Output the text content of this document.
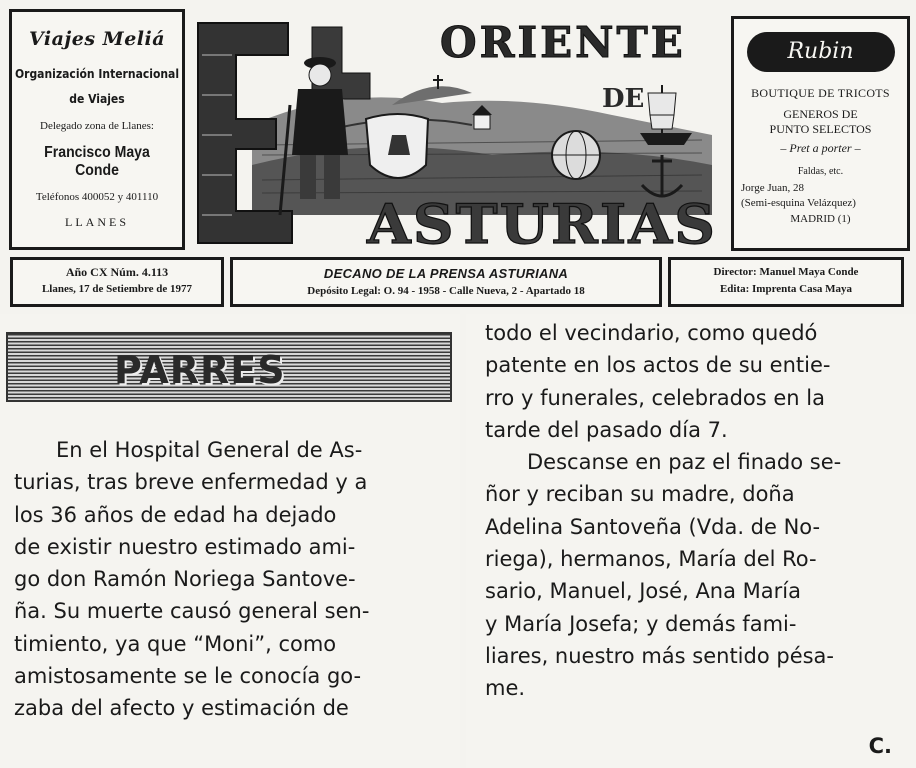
Viajes Meliá
Organización Internacional
de Viajes
Delegado zona de Llanes:
Francisco Maya Conde
Teléfonos 400052 y 401110
LLANES
ORIENTE
DE
ASTURIAS
Rubin
BOUTIQUE DE TRICOTS
GENEROS DE
PUNTO SELECTOS
– Pret a porter –
Faldas, etc.
Jorge Juan, 28
(Semi-esquina Velázquez)
MADRID (1)
Año CX Núm. 4.113
Llanes, 17 de Setiembre de 1977
DECANO DE LA PRENSA ASTURIANA
Depósito Legal: O. 94 - 1958 - Calle Nueva, 2 - Apartado 18
Director: Manuel Maya Conde
Edita: Imprenta Casa Maya
PARRES
En el Hospital General de As-
turias, tras breve enfermedad y a
los 36 años de edad ha dejado
de existir nuestro estimado ami-
go don Ramón Noriega Santove-
ña. Su muerte causó general sen-
timiento, ya que “Moni”, como
amistosamente se le conocía go-
zaba del afecto y estimación de
todo el vecindario, como quedó
patente en los actos de su entie-
rro y funerales, celebrados en la
tarde del pasado día 7.
Descanse en paz el finado se-
ñor y reciban su madre, doña
Adelina Santoveña (Vda. de No-
riega), hermanos, María del Ro-
sario, Manuel, José, Ana María
y María Josefa; y demás fami-
liares, nuestro más sentido pésa-
me.
C.
